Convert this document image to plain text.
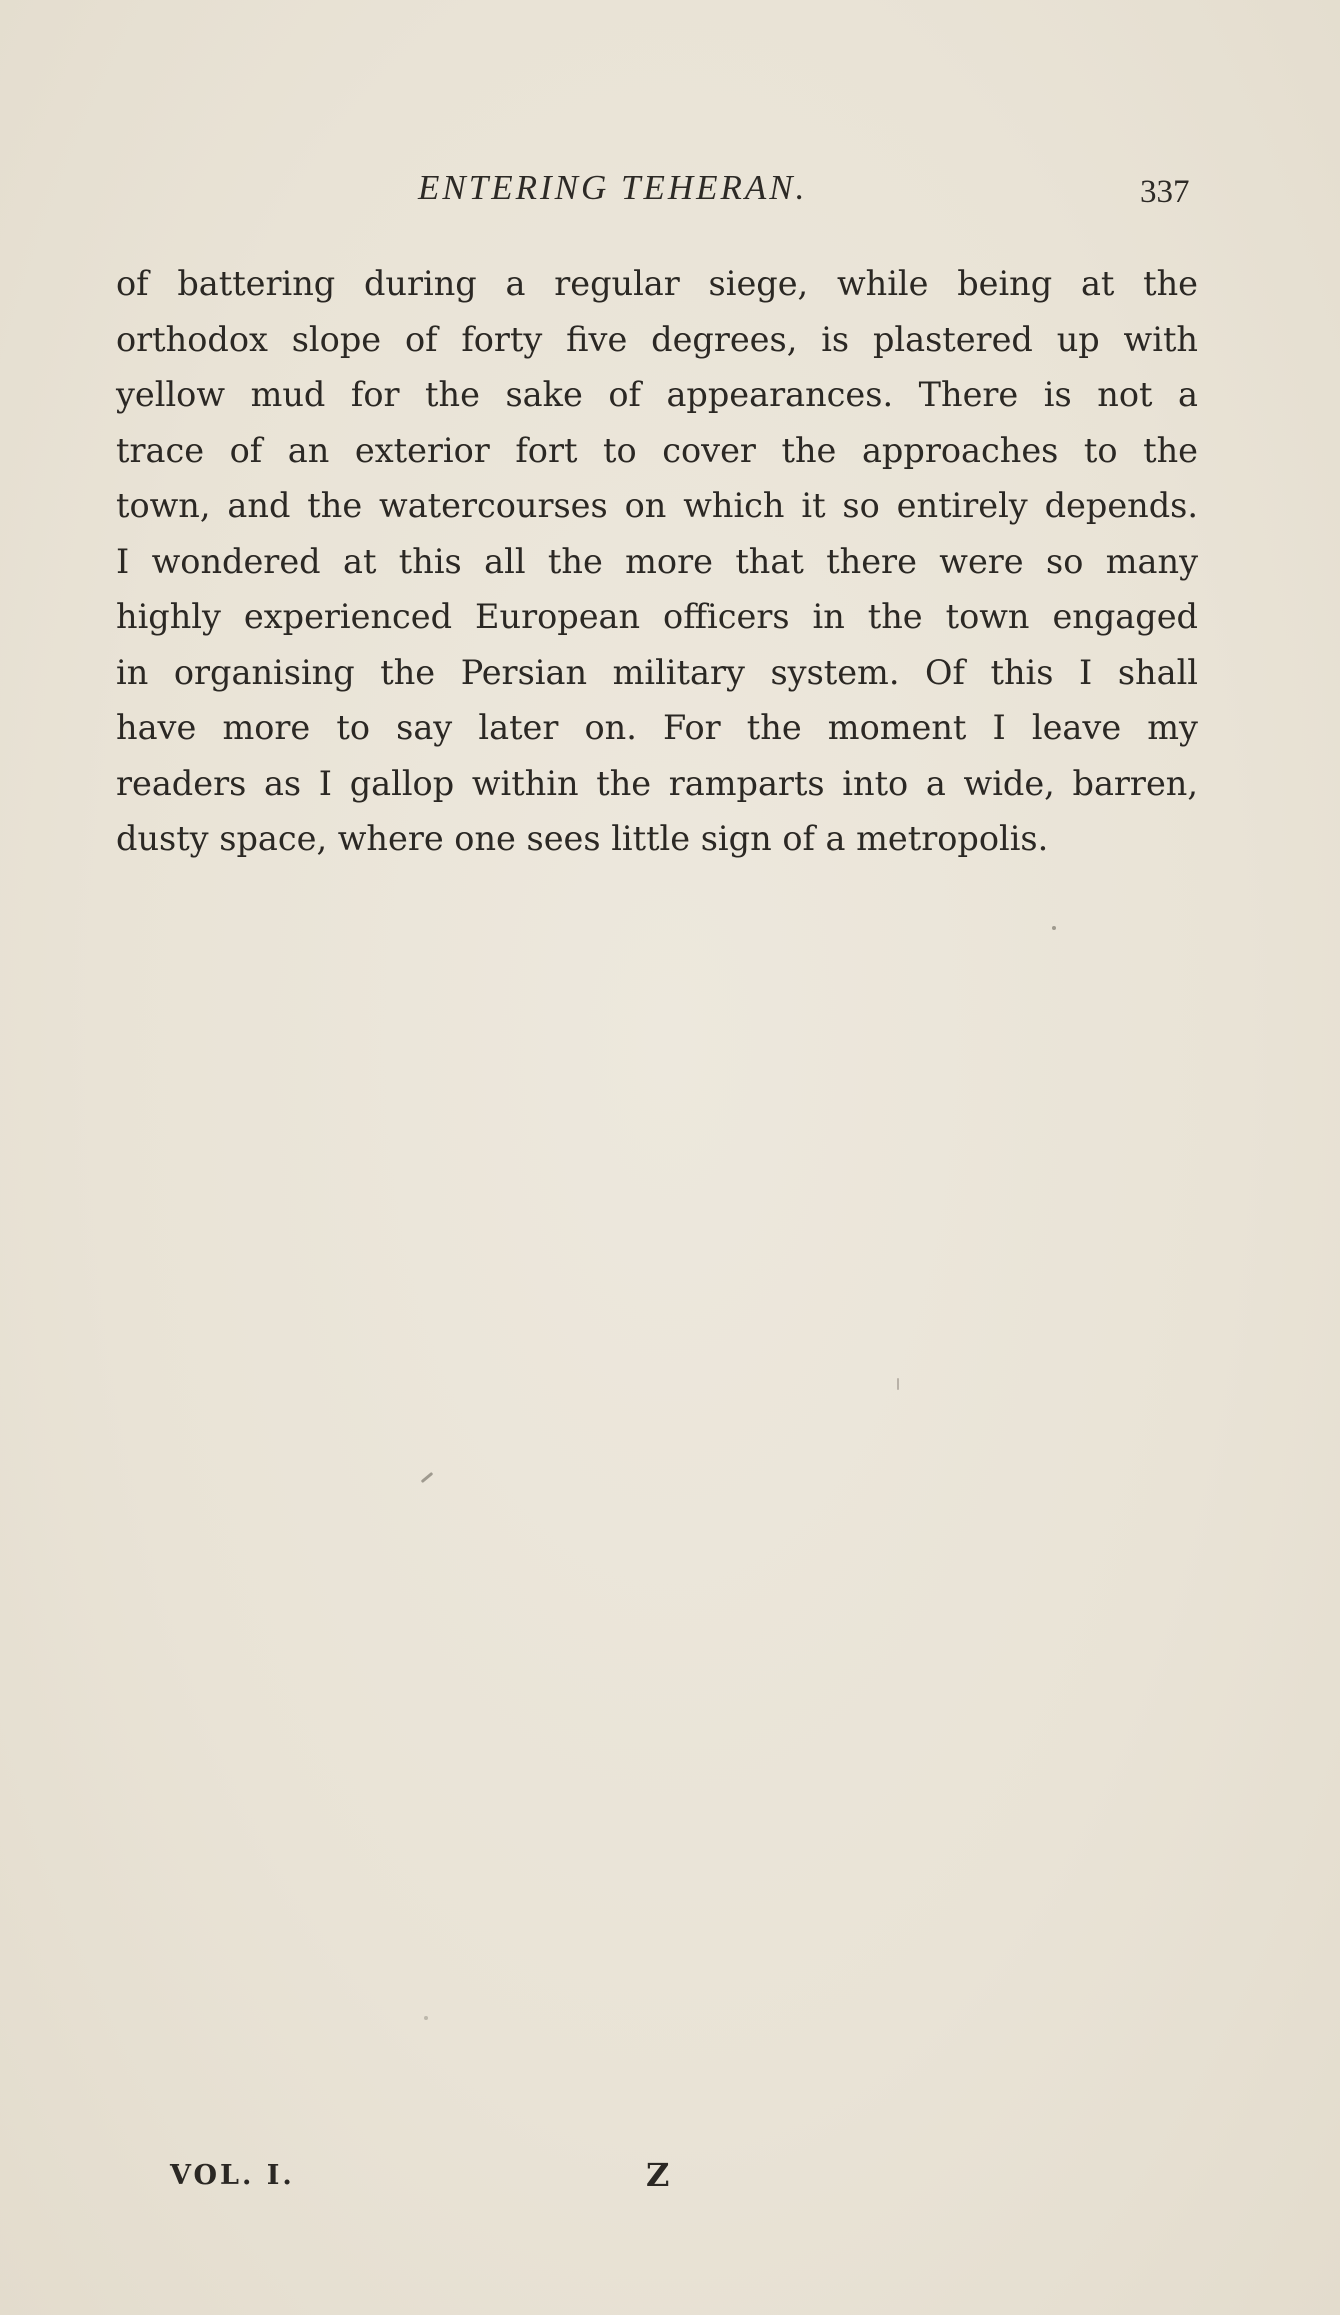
ENTERING TEHERAN.	337
of battering during a regular siege, while being at the
orthodox slope of forty five degrees, is plastered up with
yellow mud for the sake of appearances. There is not a
trace of an exterior fort to cover the approaches to the
town, and the watercourses on which it so entirely depends.
I wondered at this all the more that there were so many
highly experienced European officers in the town engaged
in organising the Persian military system. Of this I shall
have more to say later on. For the moment I leave my
readers as I gallop within the ramparts into a wide, barren,
dusty space, where one sees little sign of a metropolis.
VOL. I.	Z
